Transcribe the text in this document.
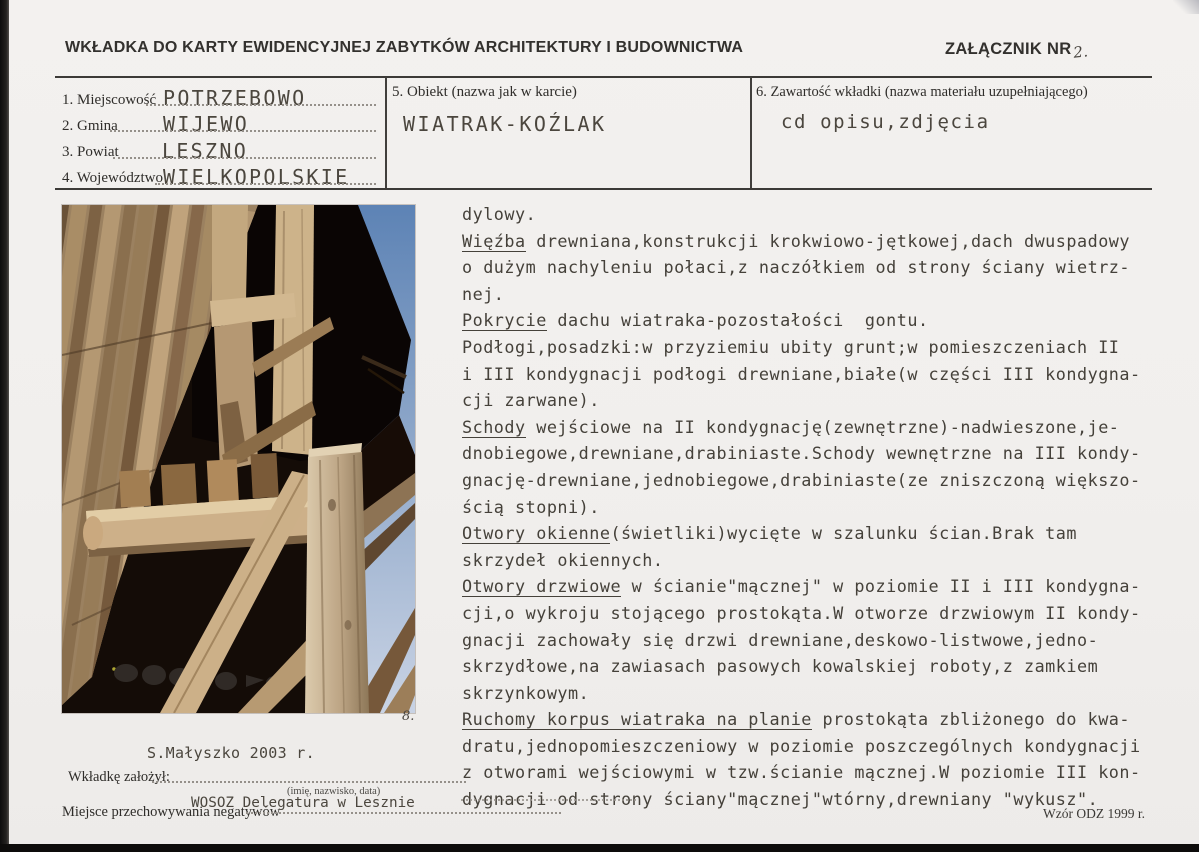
WKŁADKA DO KARTY EWIDENCYJNEJ ZABYTKÓW ARCHITEKTURY I BUDOWNICTWA	ZAŁĄCZNIK NR2.
1. Miejscowość POTRZEBOWO
2. Gmina WIJEWO
3. Powiat LESZNO
4. Województwo WIELKOPOLSKIE
5. Obiekt (nazwa jak w karcie)
WIATRAK-KOŹLAK
6. Zawartość wkładki (nazwa materiału uzupełniającego)
cd opisu,zdjęcia
8.
S.Małyszko 2003 r.
dylowy.
Więźba drewniana,konstrukcji krokwiowo-jętkowej,dach dwuspadowy
o dużym nachyleniu połaci,z naczółkiem od strony ściany wietrz-
nej.
Pokrycie dachu wiatraka-pozostałości  gontu.
Podłogi,posadzki:w przyziemiu ubity grunt;w pomieszczeniach II
i III kondygnacji podłogi drewniane,białe(w części III kondygna-
cji zarwane).
Schody wejściowe na II kondygnację(zewnętrzne)-nadwieszone,je-
dnobiegowe,drewniane,drabiniaste.Schody wewnętrzne na III kondy-
gnację-drewniane,jednobiegowe,drabiniaste(ze zniszczoną większo-
ścią stopni).
Otwory okienne(świetliki)wycięte w szalunku ścian.Brak tam
skrzydeł okiennych.
Otwory drzwiowe w ścianie"mącznej" w poziomie II i III kondygna-
cji,o wykroju stojącego prostokąta.W otworze drzwiowym II kondy-
gnacji zachowały się drzwi drewniane,deskowo-listwowe,jedno-
skrzydłowe,na zawiasach pasowych kowalskiej roboty,z zamkiem
skrzynkowym.
Ruchomy korpus wiatraka na planie prostokąta zbliżonego do kwa-
dratu,jednopomieszczeniowy w poziomie poszczególnych kondygnacji
z otworami wejściowymi w tzw.ścianie mącznej.W poziomie III kon-
dygnacji od strony ściany"mącznej"wtórny,drewniany "wykusz".
Wkładkę założył:
(imię, nazwisko, data)
Miejsce przechowywania negatywów
WOSOZ Delegatura w Lesznie
Wzór ODZ 1999 r.
